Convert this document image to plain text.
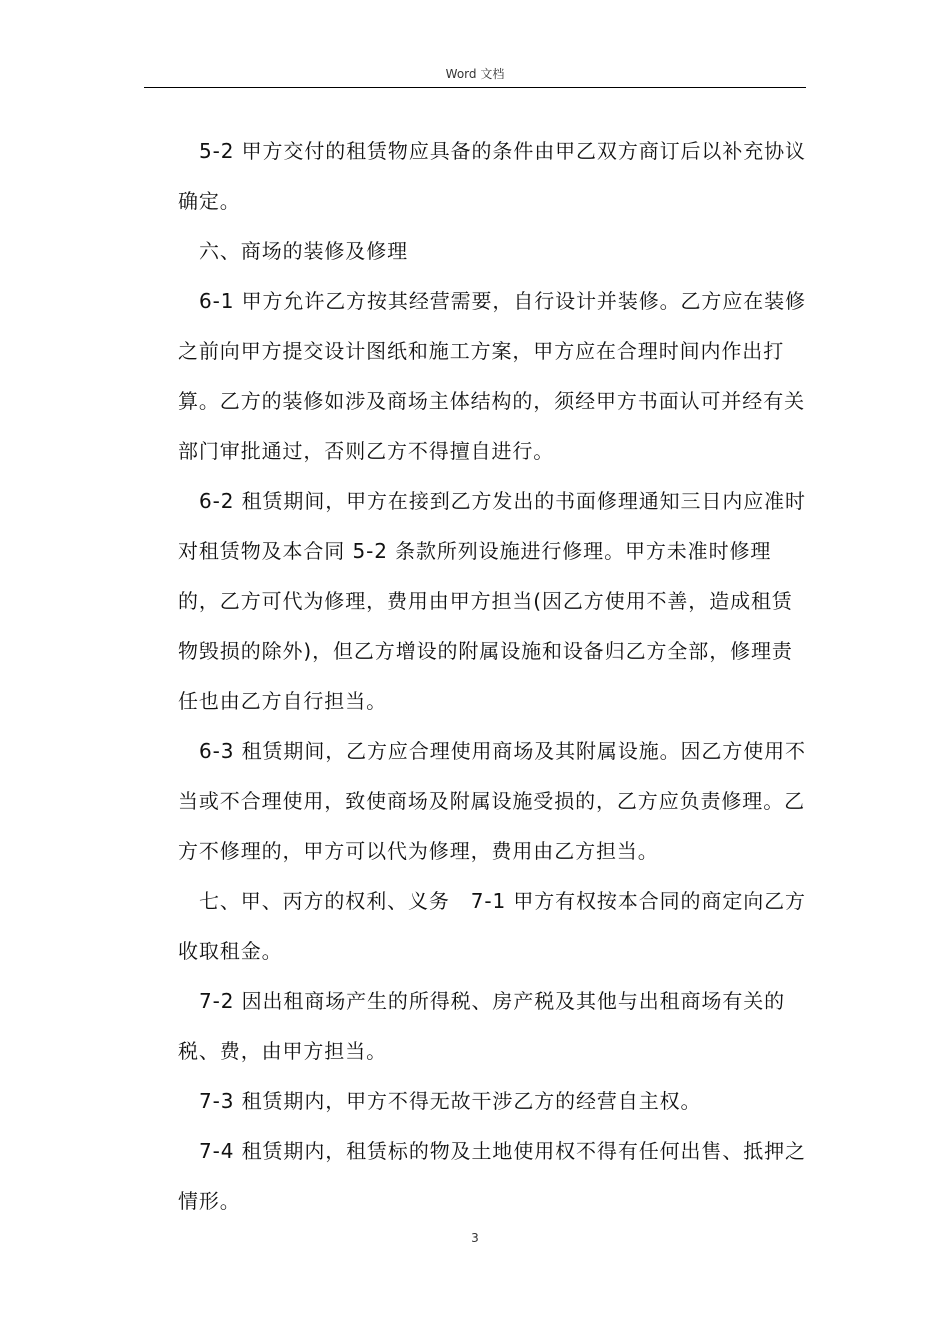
Word 文档

5-2 甲方交付的租赁物应具备的条件由甲乙双方商订后以补充协议确定。

六、商场的装修及修理

6-1 甲方允许乙方按其经营需要，自行设计并装修。乙方应在装修之前向甲方提交设计图纸和施工方案，甲方应在合理时间内作出打算。乙方的装修如涉及商场主体结构的，须经甲方书面认可并经有关部门审批通过，否则乙方不得擅自进行。

6-2 租赁期间，甲方在接到乙方发出的书面修理通知三日内应准时对租赁物及本合同 5-2 条款所列设施进行修理。甲方未准时修理的，乙方可代为修理，费用由甲方担当(因乙方使用不善，造成租赁物毁损的除外)，但乙方增设的附属设施和设备归乙方全部，修理责任也由乙方自行担当。

6-3 租赁期间，乙方应合理使用商场及其附属设施。因乙方使用不当或不合理使用，致使商场及附属设施受损的，乙方应负责修理。乙方不修理的，甲方可以代为修理，费用由乙方担当。

七、甲、丙方的权利、义务　7-1 甲方有权按本合同的商定向乙方收取租金。

7-2 因出租商场产生的所得税、房产税及其他与出租商场有关的税、费，由甲方担当。

7-3 租赁期内，甲方不得无故干涉乙方的经营自主权。

7-4 租赁期内，租赁标的物及土地使用权不得有任何出售、抵押之情形。

3
